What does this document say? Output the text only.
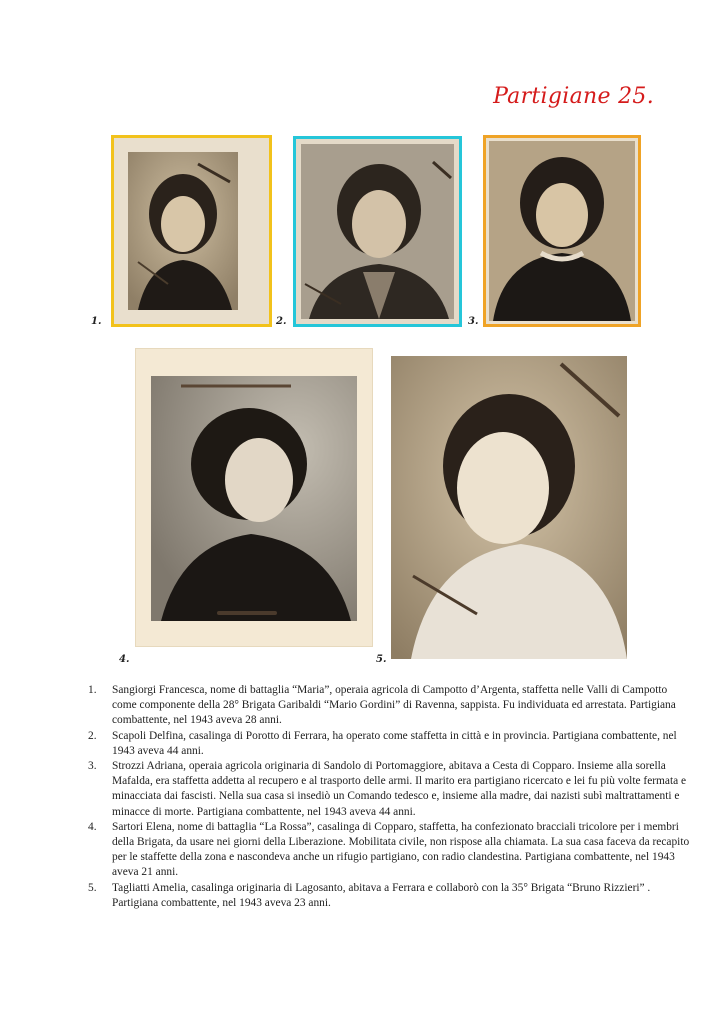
Partigiane 25.
1.	2.	3.
4.	5.
1. Sangiorgi Francesca, nome di battaglia “Maria”, operaia agricola di Campotto d’Argenta, staffetta nelle Valli di Campotto come componente della 28° Brigata Garibaldi “Mario Gordini” di Ravenna, sappista. Fu individuata ed arrestata. Partigiana combattente, nel 1943 aveva 28 anni.
2. Scapoli Delfina, casalinga di Porotto di Ferrara, ha operato come staffetta in città e in provincia. Partigiana combattente, nel 1943 aveva 44 anni.
3. Strozzi Adriana, operaia agricola originaria di Sandolo di Portomaggiore, abitava a Cesta di Copparo. Insieme alla sorella Mafalda, era staffetta addetta al recupero e al trasporto delle armi. Il marito era partigiano ricercato e lei fu più volte fermata e minacciata dai fascisti. Nella sua casa si insediò un Comando tedesco e, insieme alla madre, dai nazisti subì maltrattamenti e minacce di morte. Partigiana combattente, nel 1943 aveva 44 anni.
4. Sartori Elena, nome di battaglia “La Rossa”, casalinga di Copparo, staffetta, ha confezionato bracciali tricolore per i membri della Brigata, da usare nei giorni della Liberazione. Mobilitata civile, non rispose alla chiamata. La sua casa faceva da recapito per le staffette della zona e nascondeva anche un rifugio partigiano, con radio clandestina. Partigiana combattente, nel 1943 aveva 21 anni.
5. Tagliatti Amelia, casalinga originaria di Lagosanto, abitava a Ferrara e collaborò con la 35° Brigata “Bruno Rizzieri” . Partigiana combattente, nel 1943 aveva 23 anni.
